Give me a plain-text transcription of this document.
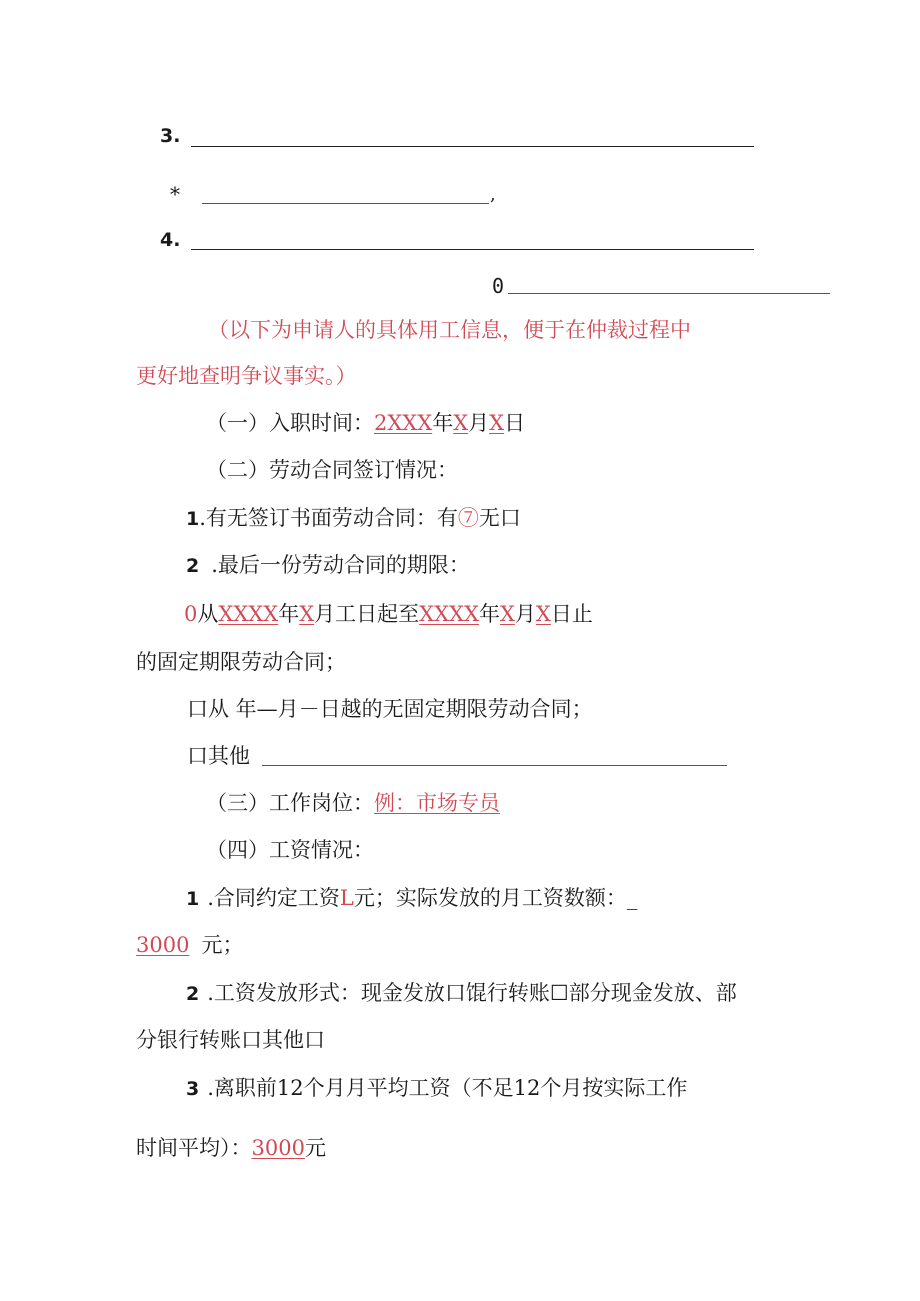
3.
*	,
4.
0
（以下为申请人的具体用工信息，便于在仲裁过程中
更好地查明争议事实。）
（一）入职时间：2XXX年X月X日
（二）劳动合同签订情况：
1.有无签订书面劳动合同：有⑦无口
2 .最后一份劳动合同的期限：
0从XXXX年X月工日起至XXXX年X月X日止
的固定期限劳动合同；
口从 年—月－日越的无固定期限劳动合同；
口其他
（三）工作岗位：例：市场专员
（四）工资情况：
1 .合同约定工资L元；实际发放的月工资数额：_
3000 元；
2 .工资发放形式：现金发放口馄行转账☐部分现金发放、部
分银行转账口其他口
3 .离职前12个月月平均工资（不足12个月按实际工作
时间平均）：3000元
